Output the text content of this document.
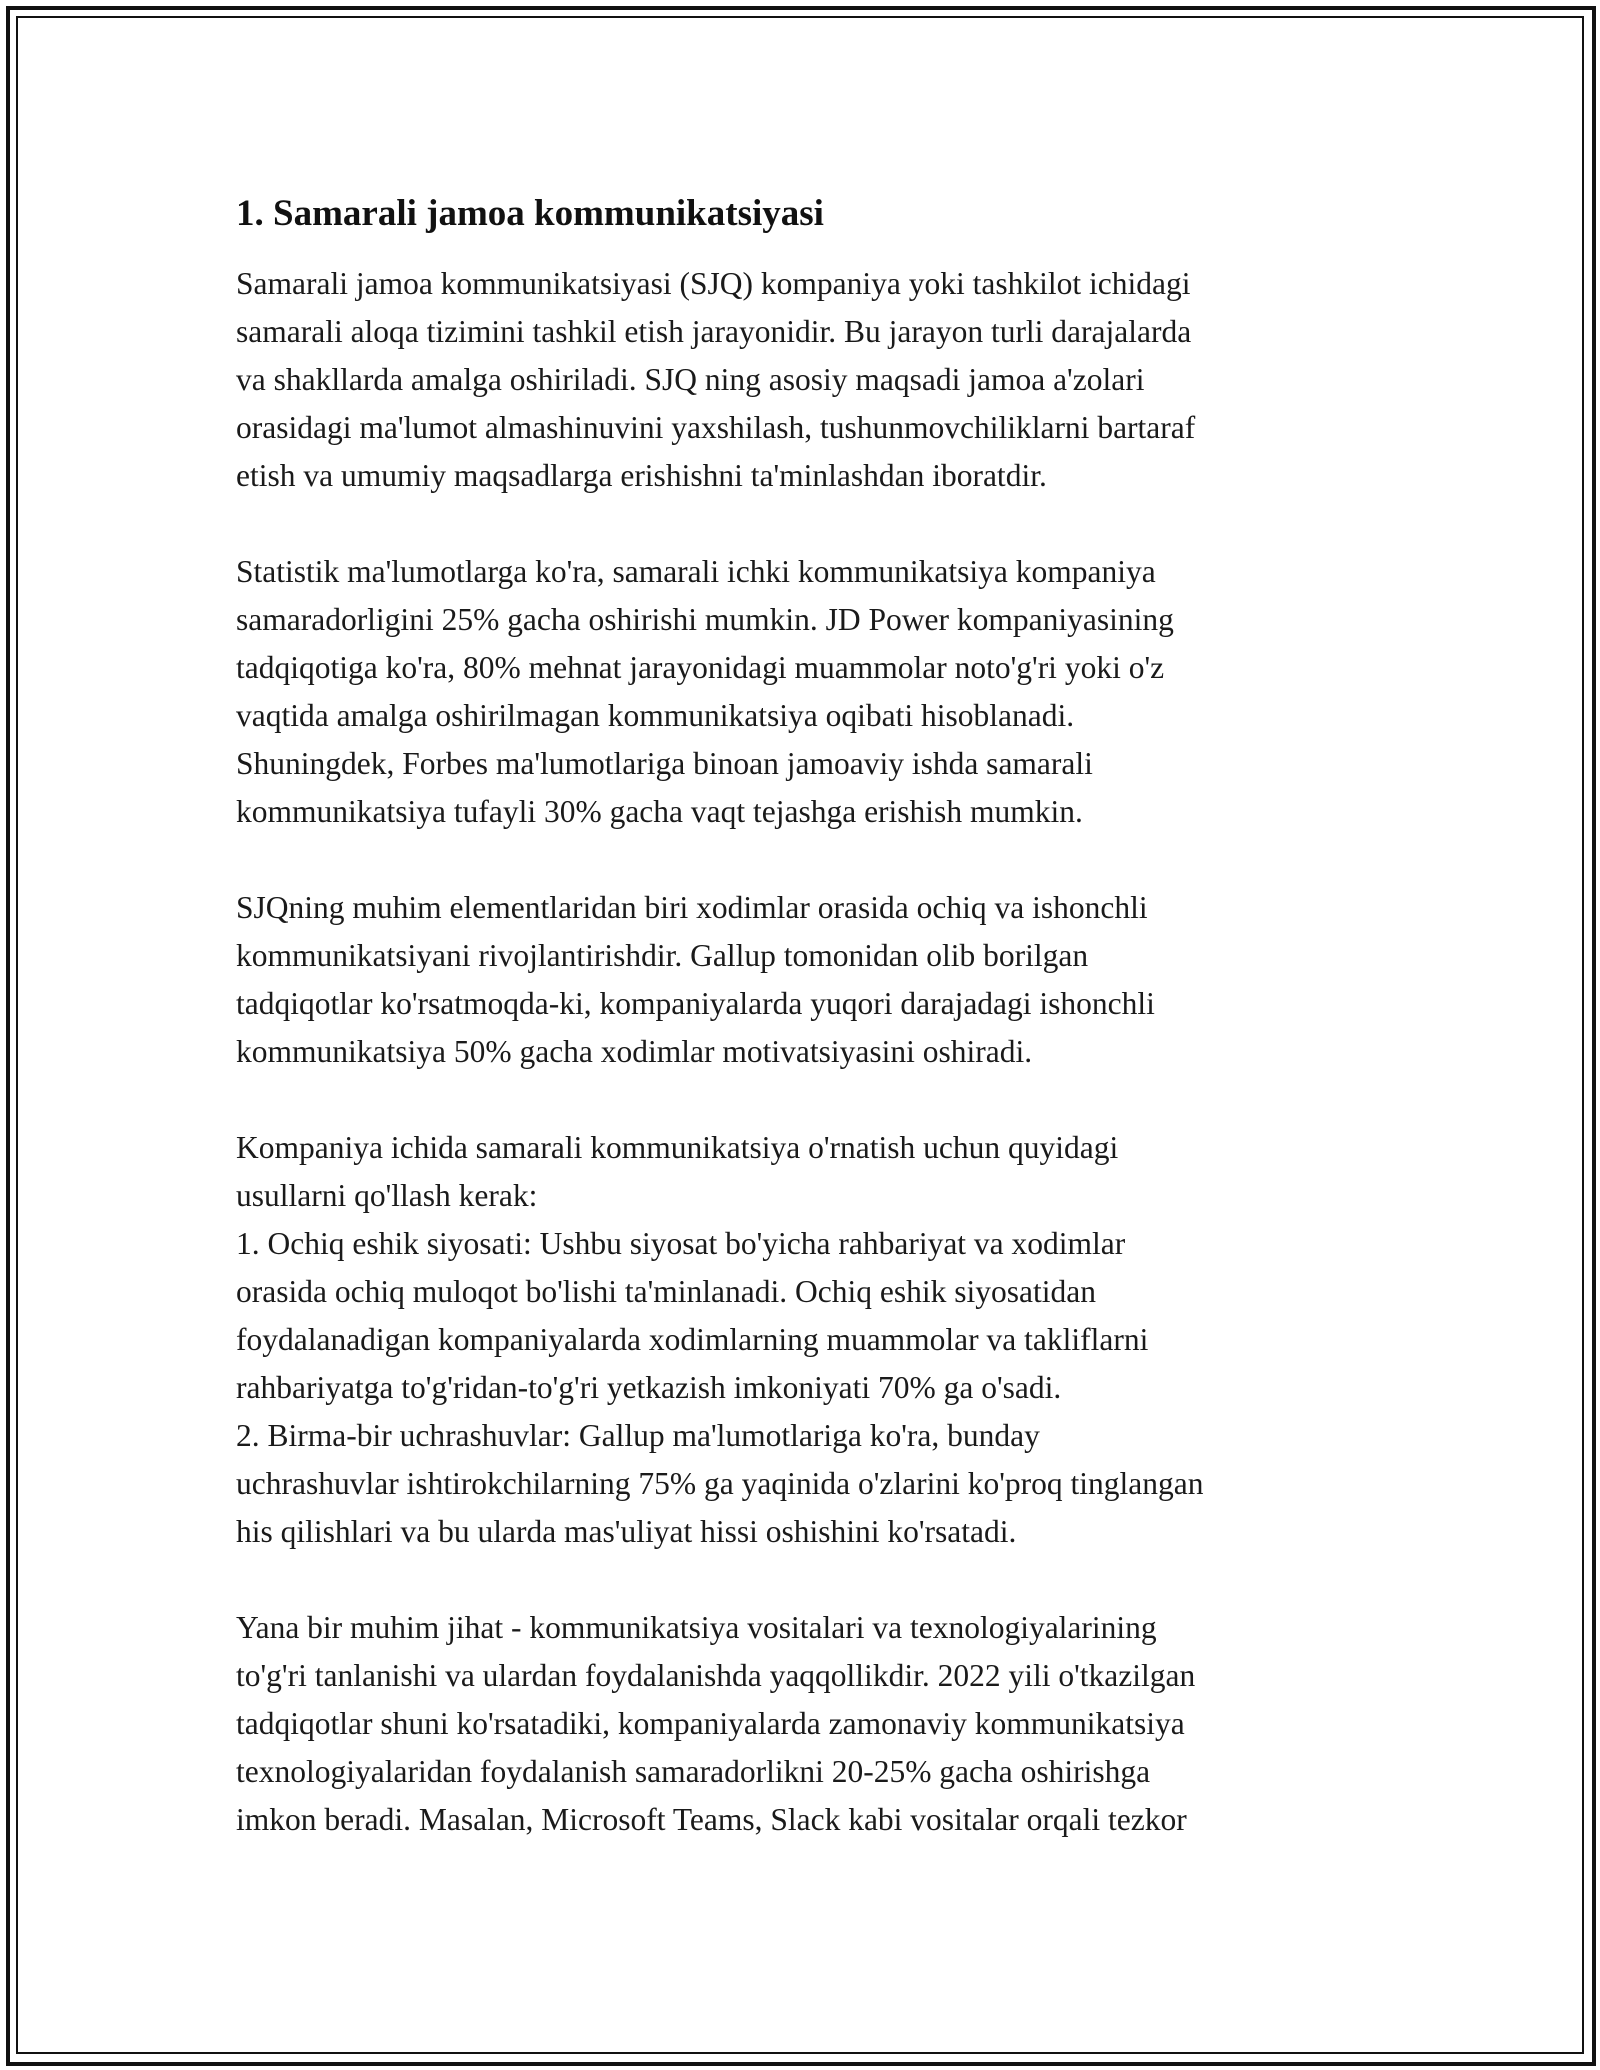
1. Samarali jamoa kommunikatsiyasi

Samarali jamoa kommunikatsiyasi (SJQ) kompaniya yoki tashkilot ichidagi
samarali aloqa tizimini tashkil etish jarayonidir. Bu jarayon turli darajalarda
va shakllarda amalga oshiriladi. SJQ ning asosiy maqsadi jamoa a'zolari
orasidagi ma'lumot almashinuvini yaxshilash, tushunmovchiliklarni bartaraf
etish va umumiy maqsadlarga erishishni ta'minlashdan iboratdir.

Statistik ma'lumotlarga ko'ra, samarali ichki kommunikatsiya kompaniya
samaradorligini 25% gacha oshirishi mumkin. JD Power kompaniyasining
tadqiqotiga ko'ra, 80% mehnat jarayonidagi muammolar noto'g'ri yoki o'z
vaqtida amalga oshirilmagan kommunikatsiya oqibati hisoblanadi.
Shuningdek, Forbes ma'lumotlariga binoan jamoaviy ishda samarali
kommunikatsiya tufayli 30% gacha vaqt tejashga erishish mumkin.

SJQning muhim elementlaridan biri xodimlar orasida ochiq va ishonchli
kommunikatsiyani rivojlantirishdir. Gallup tomonidan olib borilgan
tadqiqotlar ko'rsatmoqda-ki, kompaniyalarda yuqori darajadagi ishonchli
kommunikatsiya 50% gacha xodimlar motivatsiyasini oshiradi.

Kompaniya ichida samarali kommunikatsiya o'rnatish uchun quyidagi
usullarni qo'llash kerak:
1. Ochiq eshik siyosati: Ushbu siyosat bo'yicha rahbariyat va xodimlar
orasida ochiq muloqot bo'lishi ta'minlanadi. Ochiq eshik siyosatidan
foydalanadigan kompaniyalarda xodimlarning muammolar va takliflarni
rahbariyatga to'g'ridan-to'g'ri yetkazish imkoniyati 70% ga o'sadi.
2. Birma-bir uchrashuvlar: Gallup ma'lumotlariga ko'ra, bunday
uchrashuvlar ishtirokchilarning 75% ga yaqinida o'zlarini ko'proq tinglangan
his qilishlari va bu ularda mas'uliyat hissi oshishini ko'rsatadi.

Yana bir muhim jihat - kommunikatsiya vositalari va texnologiyalarining
to'g'ri tanlanishi va ulardan foydalanishda yaqqollikdir. 2022 yili o'tkazilgan
tadqiqotlar shuni ko'rsatadiki, kompaniyalarda zamonaviy kommunikatsiya
texnologiyalaridan foydalanish samaradorlikni 20-25% gacha oshirishga
imkon beradi. Masalan, Microsoft Teams, Slack kabi vositalar orqali tezkor
